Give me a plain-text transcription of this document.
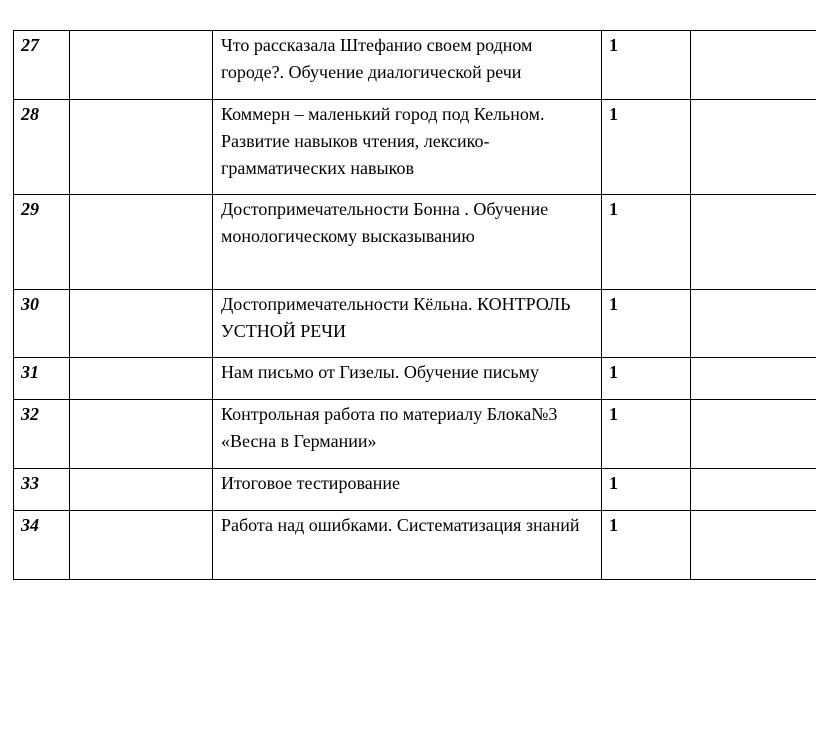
27		Что рассказала Штефанио своем родном городе?. Обучение диалогической речи	1	
28		Коммерн – маленький город под Кельном. Развитие навыков чтения, лексико-грамматических навыков	1	
29		Достопримечательности Бонна . Обучение монологическому высказыванию	1	
30		Достопримечательности Кёльна. КОНТРОЛЬ УСТНОЙ РЕЧИ	1	
31		Нам письмо от Гизелы. Обучение письму	1	
32		Контрольная работа по материалу Блока№3 «Весна в Германии»	1	
33		Итоговое тестирование	1	
34		Работа над ошибками. Систематизация знаний	1	
